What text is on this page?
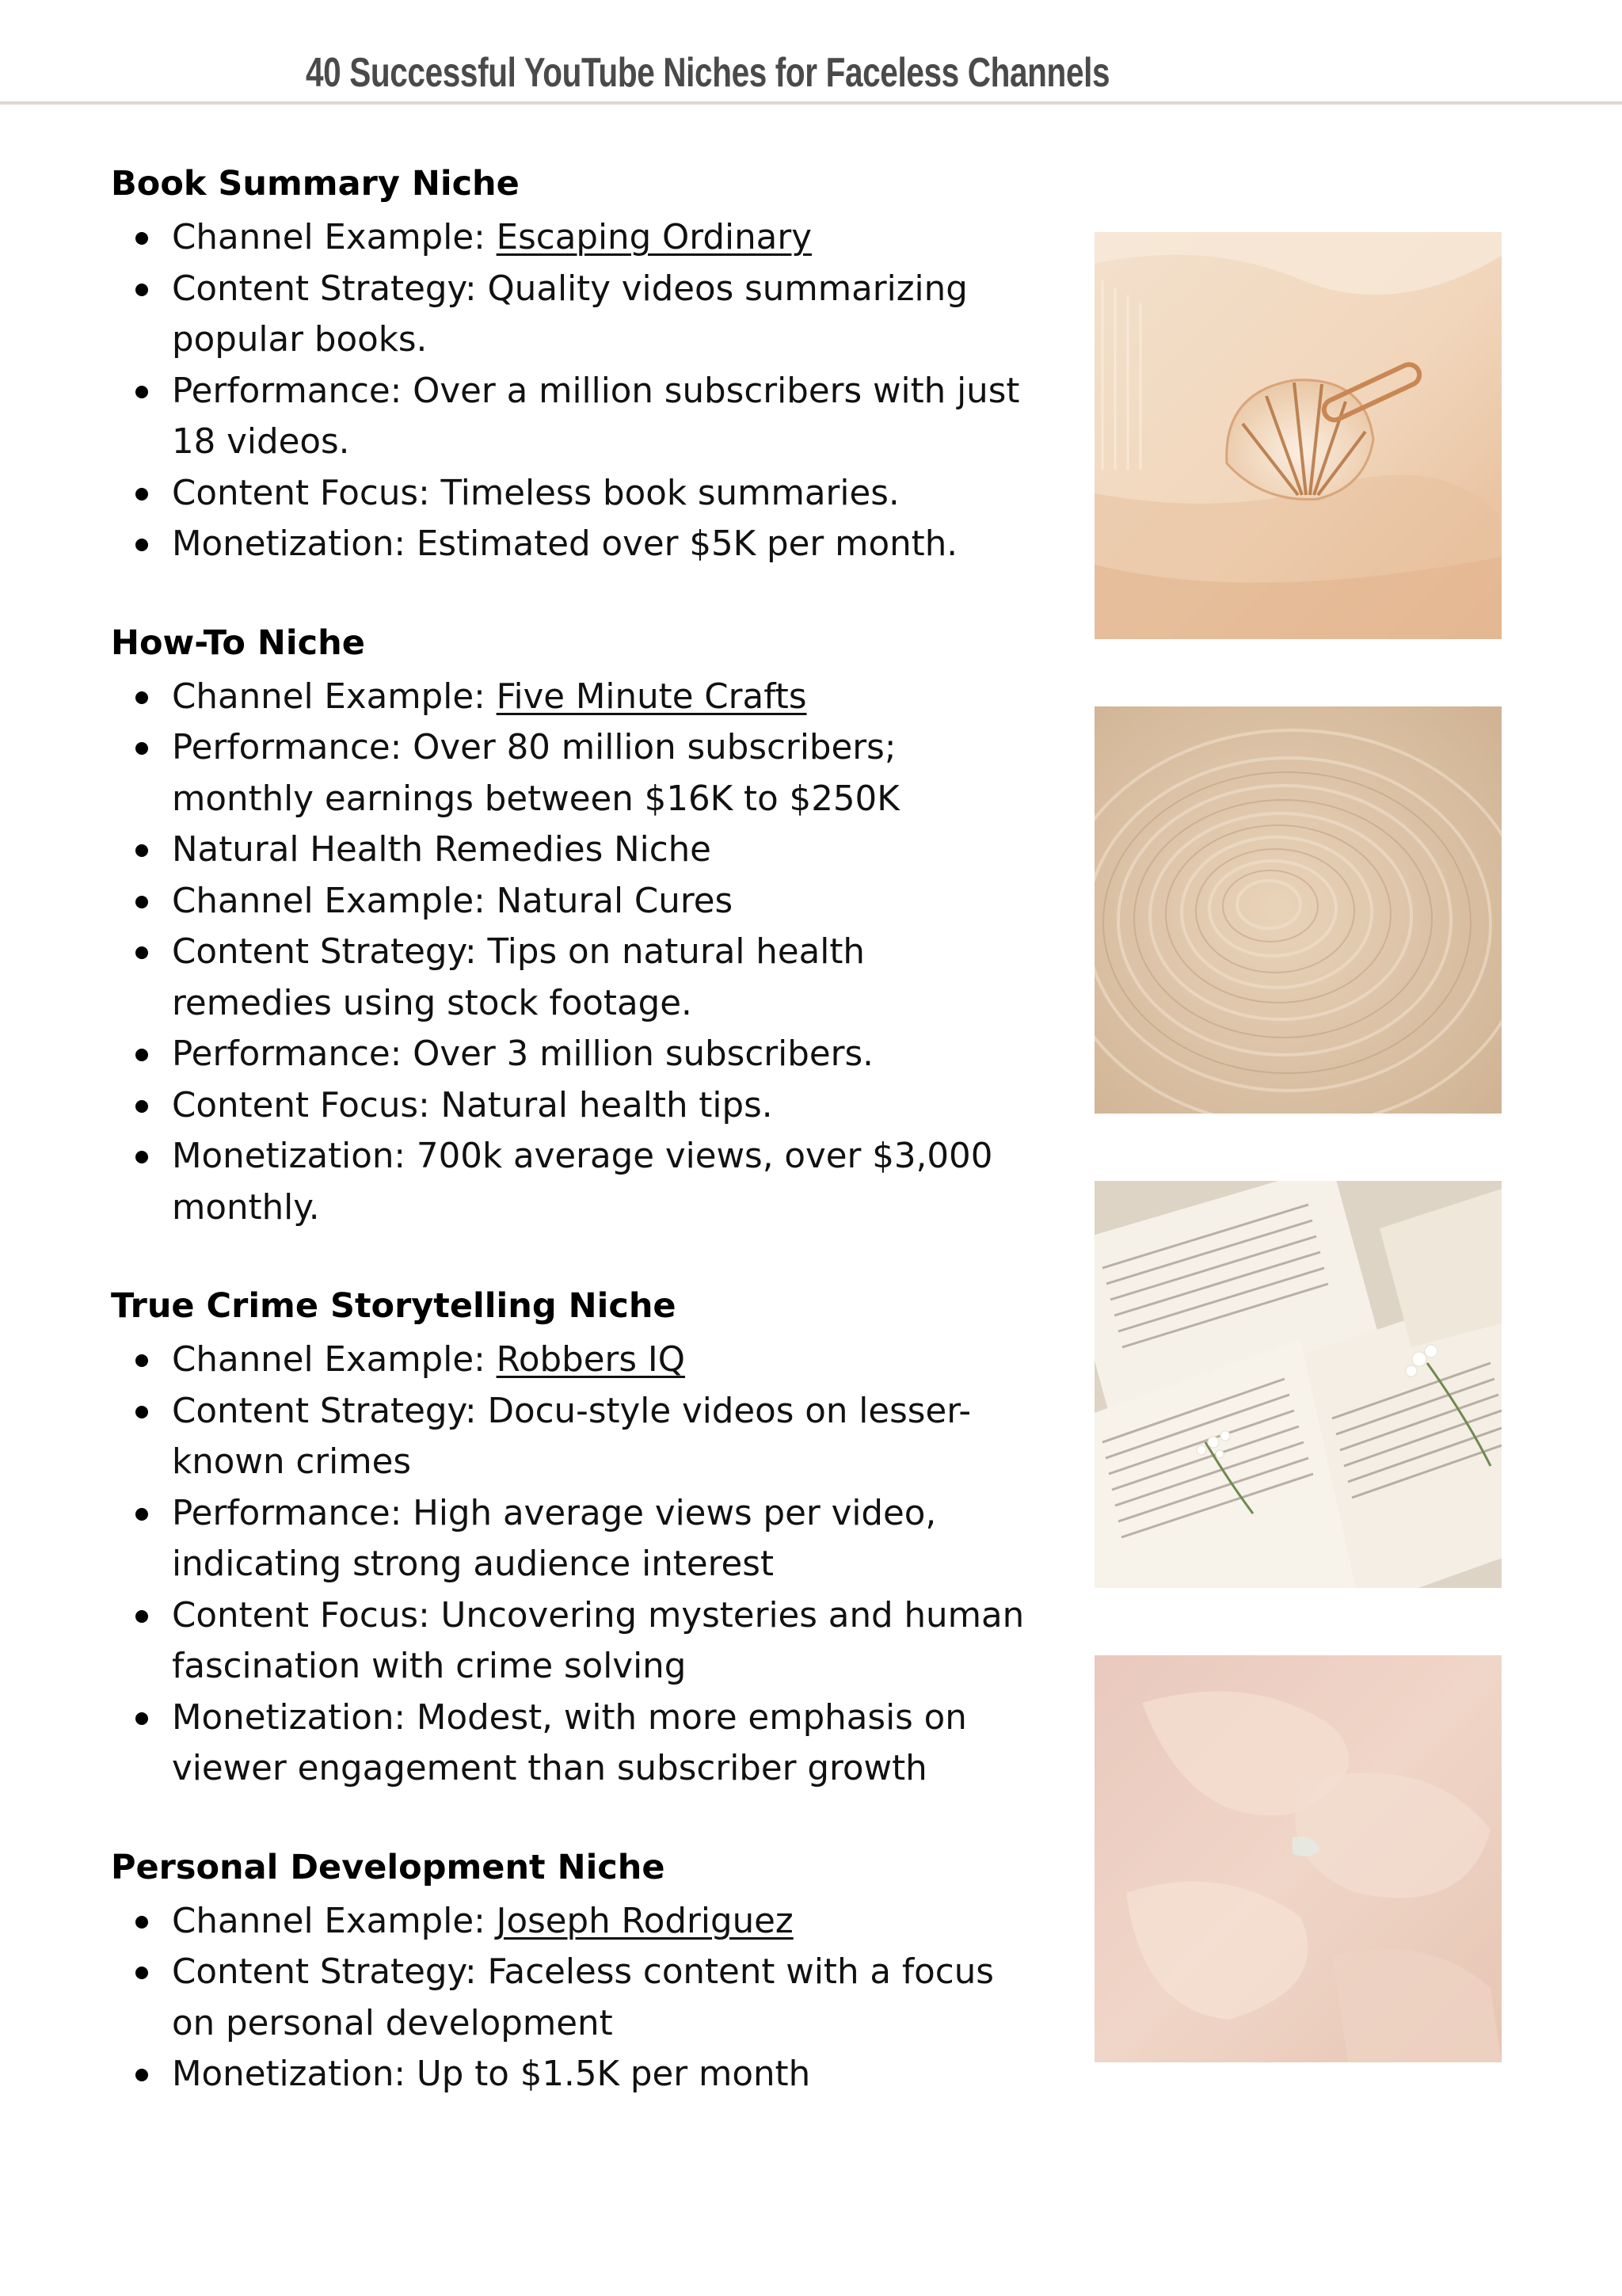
40 Successful YouTube Niches for Faceless Channels
Book Summary Niche
Channel Example: Escaping Ordinary
Content Strategy: Quality videos summarizing popular books.
Performance: Over a million subscribers with just 18 videos.
Content Focus: Timeless book summaries.
Monetization: Estimated over $5K per month.
How-To Niche
Channel Example: Five Minute Crafts
Performance: Over 80 million subscribers; monthly earnings between $16K to $250K
Natural Health Remedies Niche
Channel Example: Natural Cures
Content Strategy: Tips on natural health remedies using stock footage.
Performance: Over 3 million subscribers.
Content Focus: Natural health tips.
Monetization: 700k average views, over $3,000 monthly.
True Crime Storytelling Niche
Channel Example: Robbers IQ
Content Strategy: Docu-style videos on lesser-known crimes
Performance: High average views per video, indicating strong audience interest
Content Focus: Uncovering mysteries and human fascination with crime solving
Monetization: Modest, with more emphasis on viewer engagement than subscriber growth
Personal Development Niche
Channel Example: Joseph Rodriguez
Content Strategy: Faceless content with a focus on personal development
Monetization: Up to $1.5K per month
